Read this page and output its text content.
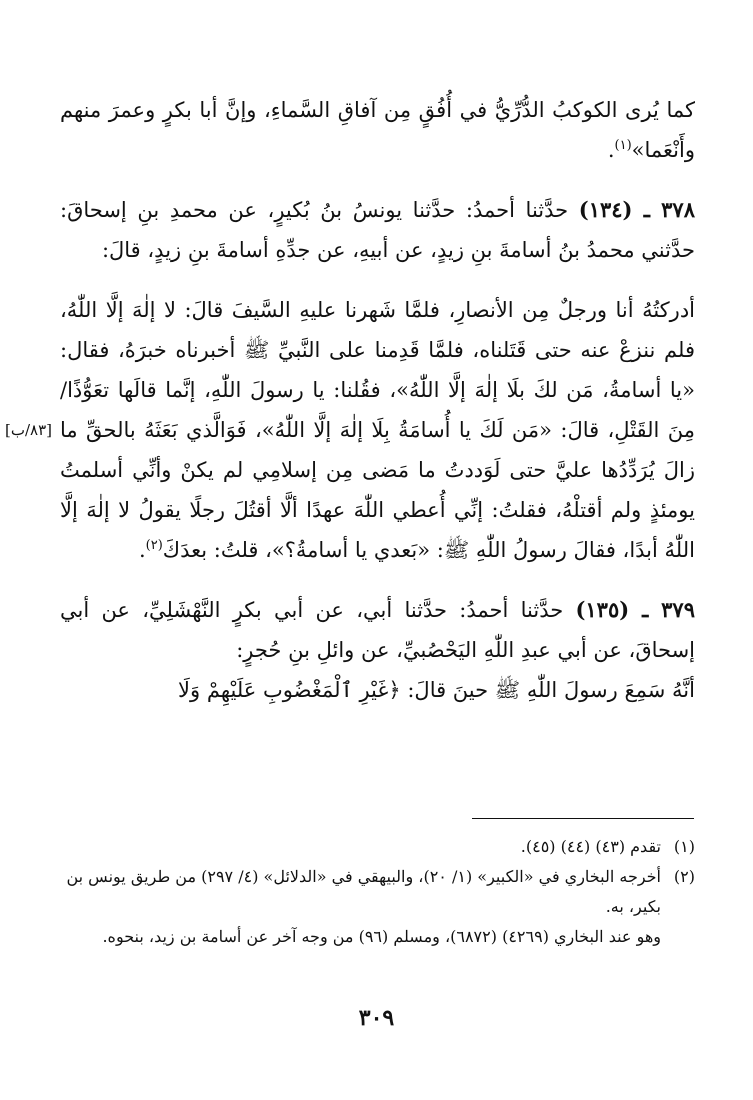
كما يُرى الكوكبُ الدُّرِّيُّ في أُفُقٍ مِن آفاقِ السَّماءِ، وإنَّ أبا بكرٍ وعمرَ منهم وأَنْعَما»$^{(١)}$.

٣٧٨ ـ (١٣٤) حدَّثنا أحمدُ: حدَّثنا يونسُ بنُ بُكيرٍ، عن محمدِ بنِ إسحاقَ: حدَّثني محمدُ بنُ أسامةَ بنِ زيدٍ، عن أبيهِ، عن جدِّهِ أسامةَ بنِ زيدٍ، قالَ:

[٨٣/ب]
أدركتُهُ أنا ورجلٌ مِن الأنصارِ، فلمَّا شَهرنا عليهِ السَّيفَ قالَ: لا إلٰهَ إلَّا اللّٰهُ، فلم ننزعْ عنه حتى قَتَلناه، فلمَّا قَدِمنا على النَّبيِّ ﷺ أخبرناه خبرَهُ، فقال: «يا أسامةُ، مَن لكَ بلَا إلٰهَ إلَّا اللّٰهُ»، فقُلنا: يا رسولَ اللّٰهِ، إنَّما قالَها تعَوُّذًا/ مِنَ القَتْلِ، قالَ: «مَن لَكَ يا أُسامَةُ بِلَا إلٰهَ إلَّا اللّٰهُ»، فَوَالَّذي بَعَثَهُ بالحقِّ ما زالَ يُرَدِّدُها عليَّ حتى لَوَددتُ ما مَضى مِن إسلامِي لم يكنْ وأنِّي أسلمتُ يومئذٍ ولم أقتلْهُ، فقلتُ: إنِّي أُعطي اللّٰهَ عهدًا ألَّا أقتُلَ رجلًا يقولُ لا إلٰهَ إلَّا اللّٰهُ أبدًا، فقالَ رسولُ اللّٰهِ ﷺ: «بَعدي يا أسامةُ؟»، قلتُ: بعدَكَ$^{(٢)}$.

٣٧٩ ـ (١٣٥) حدَّثنا أحمدُ: حدَّثنا أبي، عن أبي بكرٍ النَّهْشَلِيِّ، عن أبي إسحاقَ، عن أبي عبدِ اللّٰهِ اليَحْصُبيِّ، عن وائلِ بنِ حُجرٍ:
أنَّهُ سَمِعَ رسولَ اللّٰهِ ﷺ حينَ قالَ: ﴿غَيْرِ ٱلْمَغْضُوبِ عَلَيْهِمْ وَلَا

(١)
تقدم (٤٣) (٤٤) (٤٥).
(٢)
أخرجه البخاري في «الكبير» (١/ ٢٠)، والبيهقي في «الدلائل» (٤/ ٢٩٧) من طريق يونس بن بكير، به.
وهو عند البخاري (٤٢٦٩) (٦٨٧٢)، ومسلم (٩٦) من وجه آخر عن أسامة بن زيد، بنحوه.
٣٠٩
